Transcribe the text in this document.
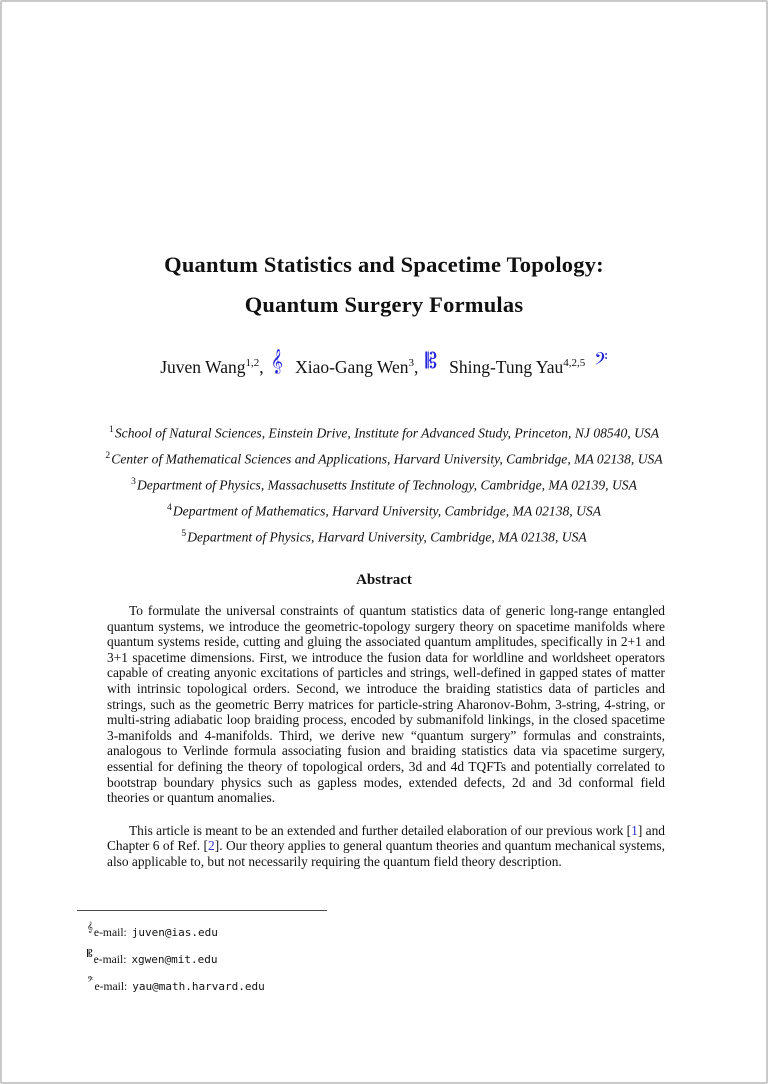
Quantum Statistics and Spacetime Topology:
Quantum Surgery Formulas
Juven Wang$^{1,2}$, 𝄞 Xiao-Gang Wen$^3$, 𝄡 Shing-Tung Yau$^{4,2,5}$ 𝄢
$^1$ School of Natural Sciences, Einstein Drive, Institute for Advanced Study, Princeton, NJ 08540, USA
$^2$ Center of Mathematical Sciences and Applications, Harvard University, Cambridge, MA 02138, USA
$^3$ Department of Physics, Massachusetts Institute of Technology, Cambridge, MA 02139, USA
$^4$ Department of Mathematics, Harvard University, Cambridge, MA 02138, USA
$^5$ Department of Physics, Harvard University, Cambridge, MA 02138, USA
Abstract

To formulate the universal constraints of quantum statistics data of generic long-range entangled quantum systems, we introduce the geometric-topology surgery theory on spacetime manifolds where quantum systems reside, cutting and gluing the associated quantum amplitudes, specifically in 2+1 and 3+1 spacetime dimensions. First, we introduce the fusion data for worldline and worldsheet operators capable of creating anyonic excitations of particles and strings, well-defined in gapped states of matter with intrinsic topological orders. Second, we introduce the braiding statistics data of particles and strings, such as the geometric Berry matrices for particle-string Aharonov-Bohm, 3-string, 4-string, or multi-string adiabatic loop braiding process, encoded by submanifold linkings, in the closed spacetime 3-manifolds and 4-manifolds. Third, we derive new “quantum surgery” formulas and constraints, analogous to Verlinde formula associating fusion and braiding statistics data via spacetime surgery, essential for defining the theory of topological orders, 3d and 4d TQFTs and potentially correlated to bootstrap boundary physics such as gapless modes, extended defects, 2d and 3d conformal field theories or quantum anomalies.

This article is meant to be an extended and further detailed elaboration of our previous work [1] and Chapter 6 of Ref. [2]. Our theory applies to general quantum theories and quantum mechanical systems, also applicable to, but not necessarily requiring the quantum field theory description.

𝄞e-mail: juven@ias.edu
𝄡e-mail: xgwen@mit.edu
𝄢e-mail: yau@math.harvard.edu
